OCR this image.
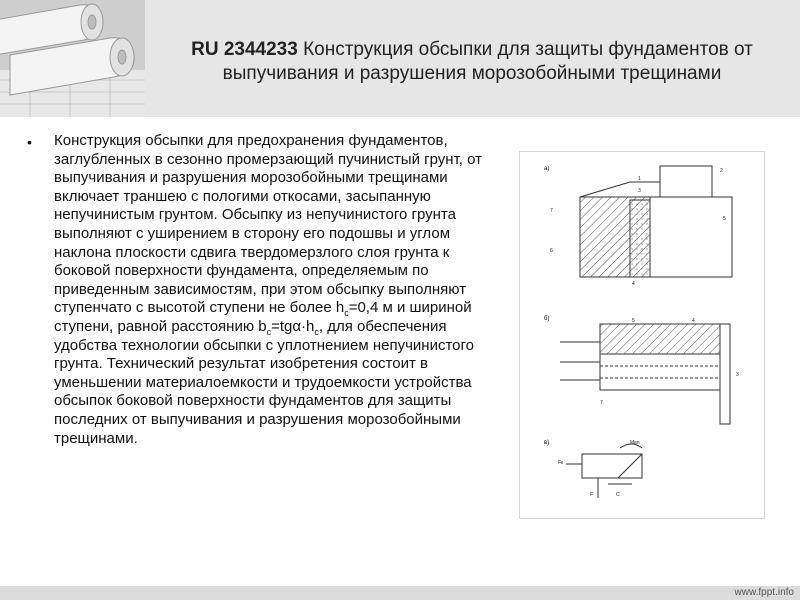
RU 2344233 Конструкция обсыпки для защиты фундаментов от выпучивания и разрушения морозобойными трещинами
• Конструкция обсыпки для предохранения фундаментов, заглубленных в сезонно промерзающий пучинистый грунт, от выпучивания и разрушения морозобойными трещинами включает траншею с пологими откосами, засыпанную непучинистым грунтом. Обсыпку из непучинистого грунта выполняют с уширением в сторону его подошвы и углом наклона плоскости сдвига твердомерзлого слоя грунта к боковой поверхности фундамента, определяемым по приведенным зависимостям, при этом обсыпку выполняют ступенчато с высотой ступени не более $h_c=0,4$ м и шириной ступени, равной расстоянию $b_c=tg\alpha\cdot h_c$, для обеспечения удобства технологии обсыпки с уплотнением непучинистого грунта. Технический результат изобретения состоит в уменьшении материалоемкости и трудоемкости устройства обсыпок боковой поверхности фундаментов для защиты последних от выпучивания и разрушения морозобойными трещинами.
а)
1
2
3
7
5
6
4
б)	5	4
3
7
в)	Mвп
Fк
F	C
www.fppt.info
